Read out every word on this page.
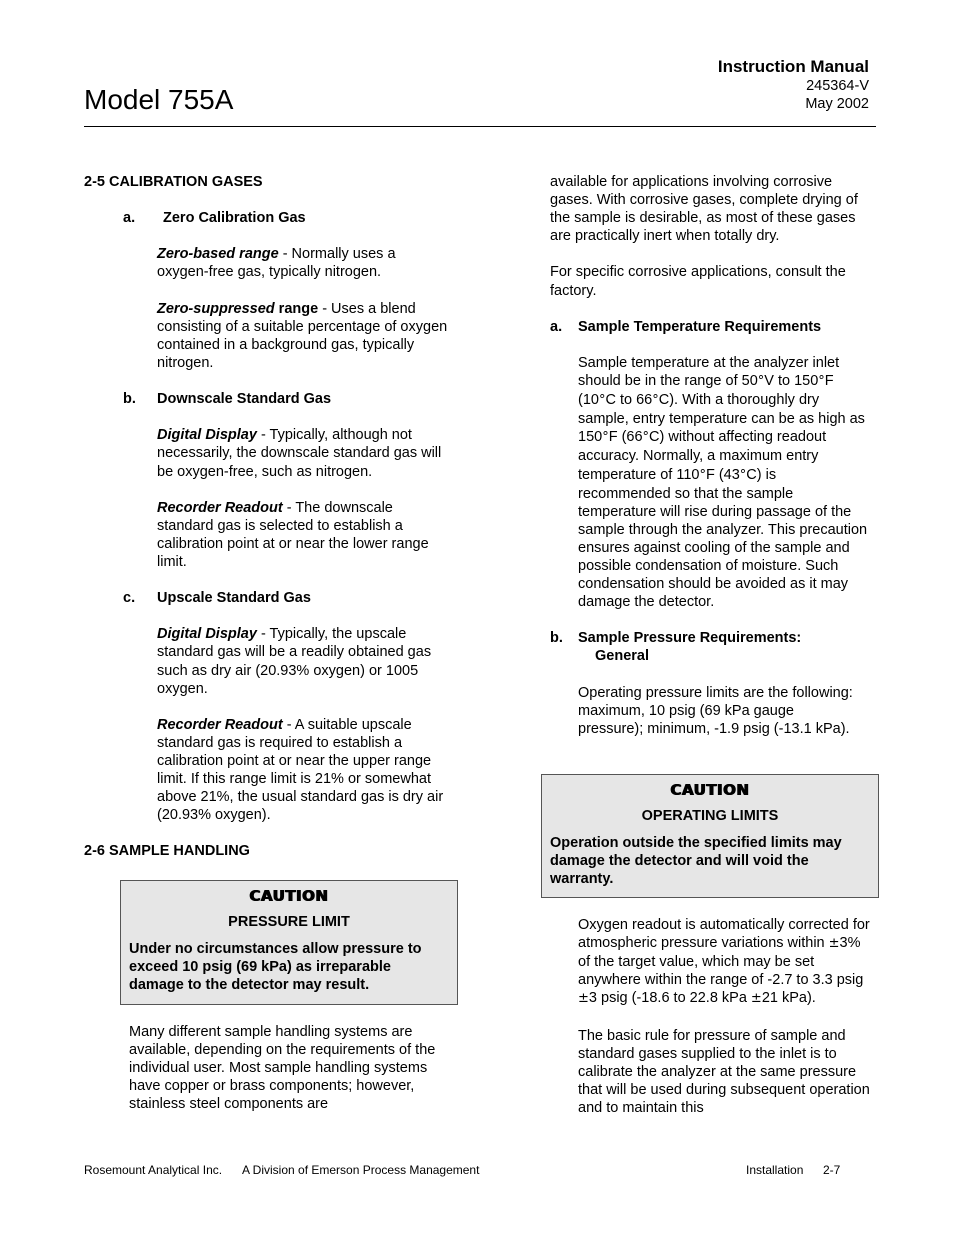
Model 755A
Instruction Manual
245364-V
May 2002

2-5 CALIBRATION GASES

a. Zero Calibration Gas

Zero-based range - Normally uses a oxygen-free gas, typically nitrogen.

Zero-suppressed range - Uses a blend consisting of a suitable percentage of oxygen contained in a background gas, typically nitrogen.

b. Downscale Standard Gas

Digital Display - Typically, although not necessarily, the downscale standard gas will be oxygen-free, such as nitrogen.

Recorder Readout - The downscale standard gas is selected to establish a calibration point at or near the lower range limit.

c. Upscale Standard Gas

Digital Display - Typically, the upscale standard gas will be a readily obtained gas such as dry air (20.93% oxygen) or 1005 oxygen.

Recorder Readout - A suitable upscale standard gas is required to establish a calibration point at or near the upper range limit. If this range limit is 21% or somewhat above 21%, the usual standard gas is dry air (20.93% oxygen).

2-6 SAMPLE HANDLING

CAUTION
PRESSURE LIMIT
Under no circumstances allow pressure to exceed 10 psig (69 kPa) as irreparable damage to the detector may result.

Many different sample handling systems are available, depending on the requirements of the individual user. Most sample handling systems have copper or brass components; however, stainless steel components are

available for applications involving corrosive gases. With corrosive gases, complete drying of the sample is desirable, as most of these gases are practically inert when totally dry.

For specific corrosive applications, consult the factory.

a. Sample Temperature Requirements

Sample temperature at the analyzer inlet should be in the range of 50°V to 150°F (10°C to 66°C). With a thoroughly dry sample, entry temperature can be as high as 150°F (66°C) without affecting readout accuracy. Normally, a maximum entry temperature of 110°F (43°C) is recommended so that the sample temperature will rise during passage of the sample through the analyzer. This precaution ensures against cooling of the sample and possible condensation of moisture. Such condensation should be avoided as it may damage the detector.

b. Sample Pressure Requirements:
General

Operating pressure limits are the following: maximum, 10 psig (69 kPa gauge pressure); minimum, -1.9 psig (-13.1 kPa).

CAUTION
OPERATING LIMITS
Operation outside the specified limits may damage the detector and will void the warranty.

Oxygen readout is automatically corrected for atmospheric pressure variations within ±3% of the target value, which may be set anywhere within the range of -2.7 to 3.3 psig ±3 psig (-18.6 to 22.8 kPa ±21 kPa).

The basic rule for pressure of sample and standard gases supplied to the inlet is to calibrate the analyzer at the same pressure that will be used during subsequent operation and to maintain this

Rosemount Analytical Inc. A Division of Emerson Process Management	Installation 2-7
